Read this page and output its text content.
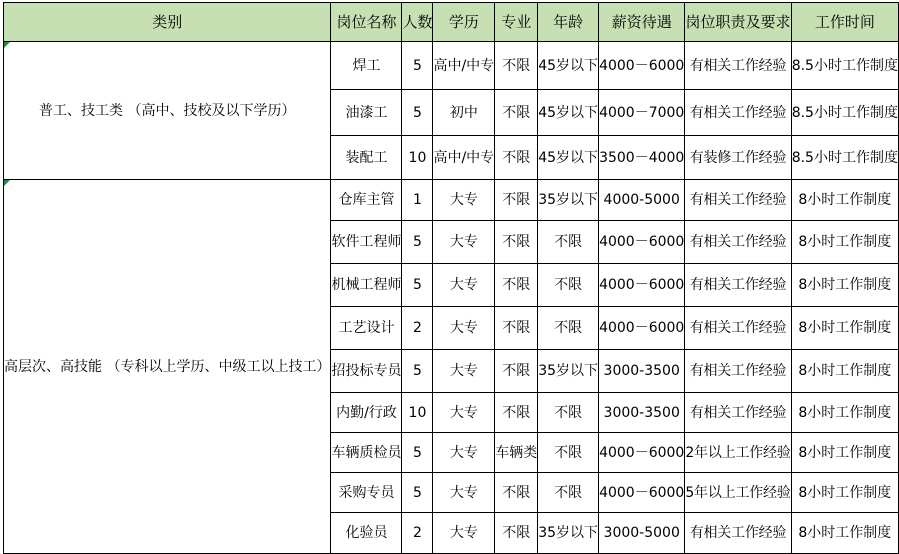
类别	岗位名称	人数	学历	专业	年龄	薪资待遇	岗位职责及要求	工作时间

普工、技工类 （高中、技校及以下学历）	焊工	5	高中/中专	不限	45岁以下	4000－6000	有相关工作经验	8.5小时工作制度
	油漆工	5	初中	不限	45岁以下	4000－7000	有相关工作经验	8.5小时工作制度
	装配工	10	高中/中专	不限	45岁以下	3500－4000	有装修工作经验	8.5小时工作制度

高层次、高技能 （专科以上学历、中级工以上技工）	仓库主管	1	大专	不限	35岁以下	4000-5000	有相关工作经验	8小时工作制度
	软件工程师	5	大专	不限	不限	4000－6000	有相关工作经验	8小时工作制度
	机械工程师	5	大专	不限	不限	4000－6000	有相关工作经验	8小时工作制度
	工艺设计	2	大专	不限	不限	4000－6000	有相关工作经验	8小时工作制度
	招投标专员	5	大专	不限	35岁以下	3000-3500	有相关工作经验	8小时工作制度
	内勤/行政	10	大专	不限	不限	3000-3500	有相关工作经验	8小时工作制度
	车辆质检员	5	大专	车辆类	不限	4000－6000	2年以上工作经验	8小时工作制度
	采购专员	5	大专	不限	不限	4000－6000	5年以上工作经验	8小时工作制度
	化验员	2	大专	不限	35岁以下	3000-5000	有相关工作经验	8小时工作制度
